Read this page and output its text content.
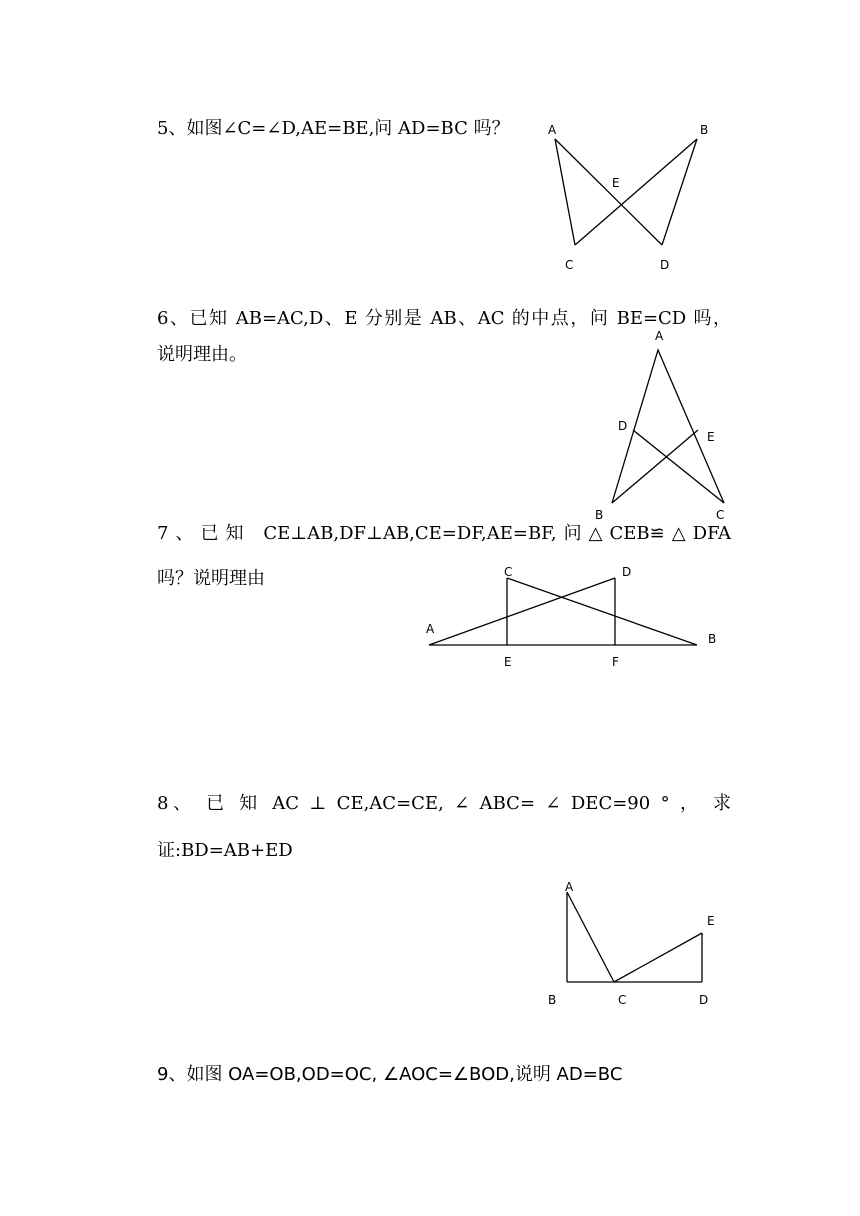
5、如图∠C=∠D,AE=BE,问 AD=BC 吗？	A	B
E
C	D

6、已知 AB=AC,D、E 分别是 AB、AC 的中点，问 BE=CD 吗，

说明理由。

A
D
E
B	C

7、已知 CE⊥AB,DF⊥AB,CE=DF,AE=BF,问△CEB≌△DFA

吗？说明理由	C	D
A
B
E	F

8、 已 知 AC ⊥ CE,AC=CE, ∠ ABC= ∠ DEC=90 ° ， 求

证:BD=AB+ED

A
E
B	C	D

9、如图 OA=OB,OD=OC, ∠AOC=∠BOD,说明 AD=BC
